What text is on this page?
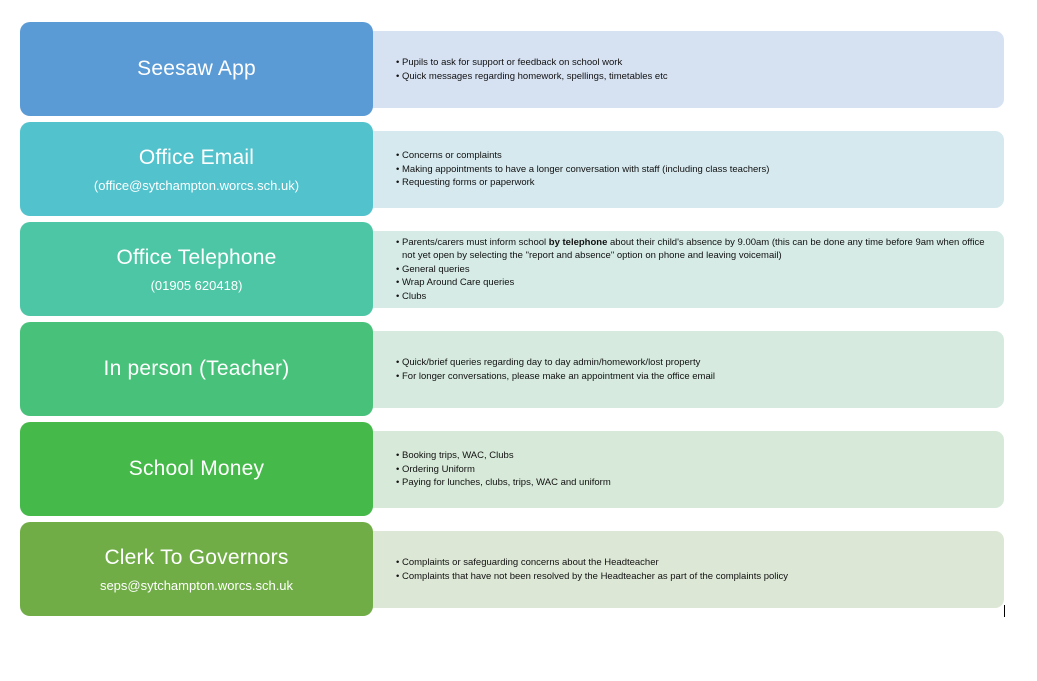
• Pupils to ask for support or feedback on school work
• Quick messages regarding homework, spellings, timetables etc
Seesaw App
• Concerns or complaints
• Making appointments to have a longer conversation with staff (including class teachers)
• Requesting forms or paperwork
Office Email
(office@sytchampton.worcs.sch.uk)
• Parents/carers must inform school by telephone about their child's absence by 9.00am (this can be done any time before 9am when office not yet open by selecting the "report and absence" option on phone and leaving voicemail)
• General queries
• Wrap Around Care queries
• Clubs
Office Telephone
(01905 620418)
• Quick/brief queries regarding day to day admin/homework/lost property
• For longer conversations, please make an appointment via the office email
In person (Teacher)
• Booking trips, WAC, Clubs
• Ordering Uniform
• Paying for lunches, clubs, trips, WAC and uniform
School Money
• Complaints or safeguarding concerns about the Headteacher
• Complaints that have not been resolved by the Headteacher as part of the complaints policy
Clerk To Governors
seps@sytchampton.worcs.sch.uk
